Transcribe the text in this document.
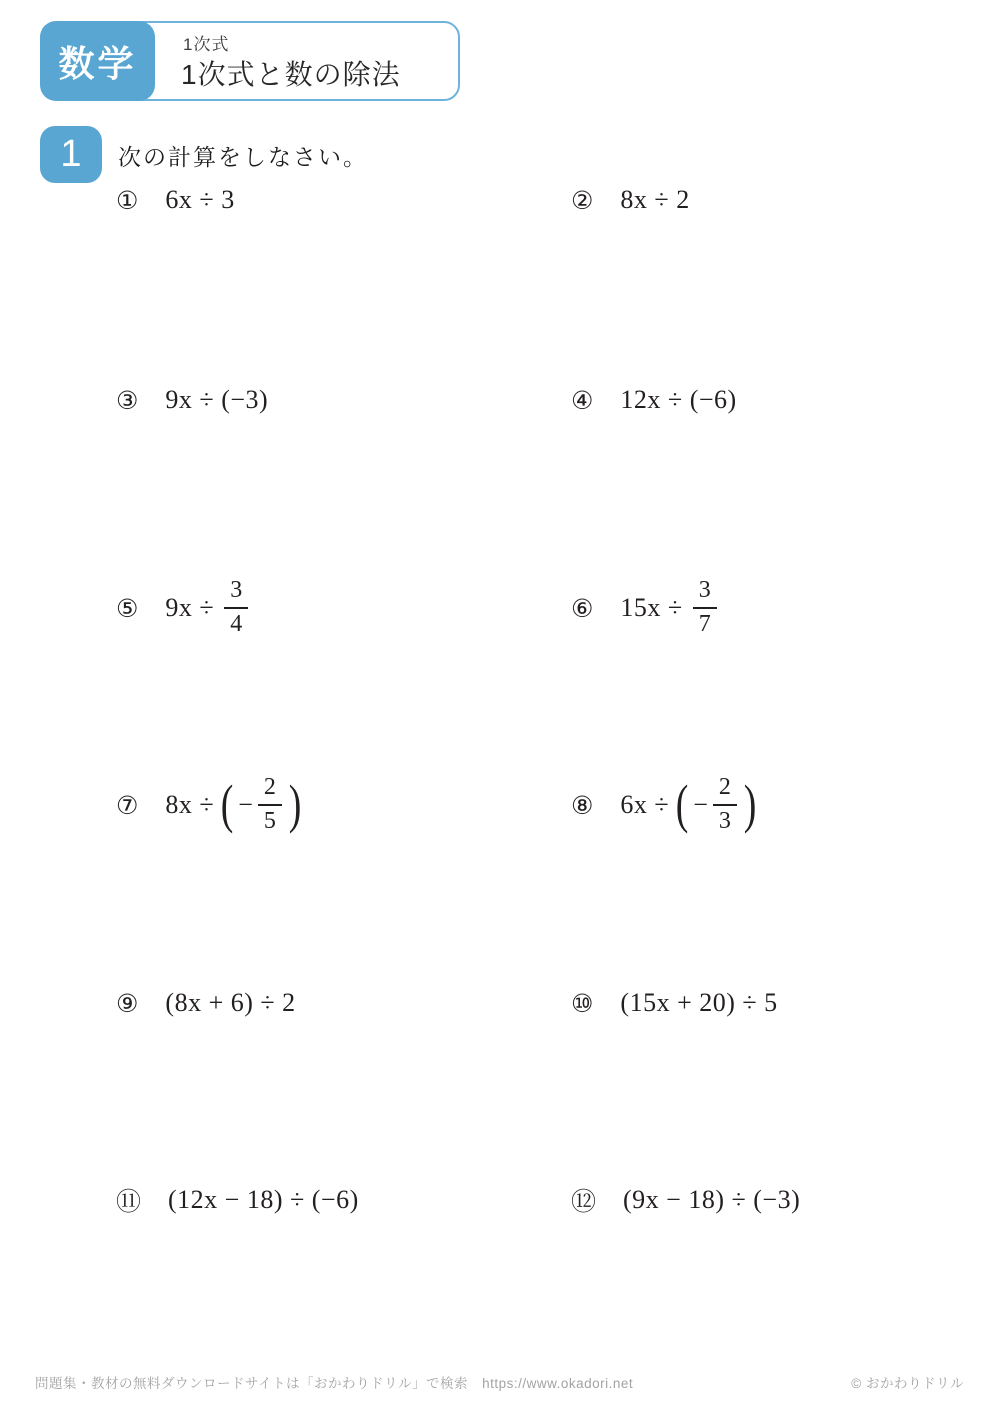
数学	1次式
1次式と数の除法
1	次の計算をしなさい。
① 6x ÷ 3	② 8x ÷ 2
③ 9x ÷ (−3)	④ 12x ÷ (−6)
⑤ $9x \div \frac{3}{4}$	⑥ $15x \div \frac{3}{7}$
⑦ 8x ÷ ( − $\frac{2}{5}$ )	⑧ 6x ÷ ( − $\frac{2}{3}$ )
⑨ (8x + 6) ÷ 2	⑩ (15x + 20) ÷ 5
⑪ (12x − 18) ÷ (−6)	⑫ (9x − 18) ÷ (−3)
問題集・教材の無料ダウンロードサイトは「おかわりドリル」で検索 https://www.okadori.net	© おかわりドリル
